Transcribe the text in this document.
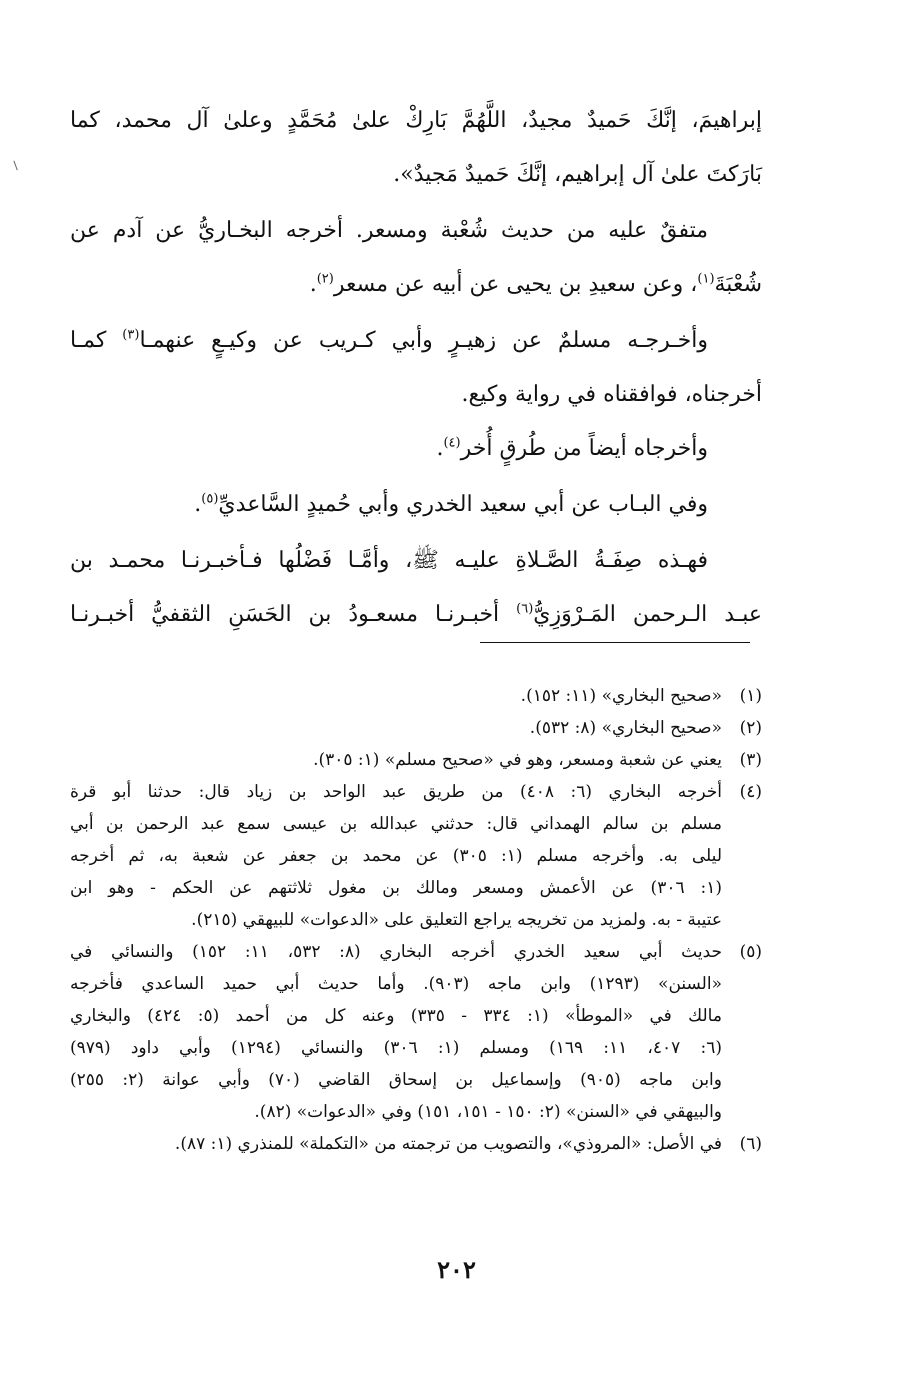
إبراهيمَ، إنَّكَ حَميدٌ مجيدٌ، اللَّهُمَّ بَارِكْ علىٰ مُحَمَّدٍ وعلىٰ آل محمد، كما
بَارَكتَ علىٰ آل إبراهيم، إنَّكَ حَميدٌ مَجيدٌ».
متفقٌ عليه من حديث شُعْبة ومسعر. أخرجه البخـاريُّ عن آدم عن
شُعْبَةَ$^{(١)}$، وعن سعيدِ بن يحيى عن أبيه عن مسعر$^{(٢)}$.
وأخـرجـه مسلمٌ عن زهيـرٍ وأبي كـريب عن وكيـعٍ عنهمـا$^{(٣)}$ كمـا
أخرجناه، فوافقناه في رواية وكيع.
وأخرجاه أيضاً من طُرقٍ أُخر$^{(٤)}$.
وفي البـاب عن أبي سعيد الخدري وأبي حُميدٍ السَّاعديِّ$^{(٥)}$.
فهـذه صِفَـةُ الصَّـلاةِ عليـه ﷺ، وأمَّـا فَضْلُها فـأخبـرنـا محمـد بن
عبـد الـرحمن المَـرْوَزِيُّ$^{(٦)}$ أخبـرنـا مسعـودُ بن الحَسَنِ الثقفيُّ أخبـرنـا
(١)
«صحيح البخاري» (١١: ١٥٢).
(٢)
«صحيح البخاري» (٨: ٥٣٢).
(٣)
يعني عن شعبة ومسعر، وهو في «صحيح مسلم» (١: ٣٠٥).
(٤)
أخرجه البخاري (٦: ٤٠٨) من طريق عبد الواحد بن زياد قال: حدثنا أبو قرة
مسلم بن سالم الهمداني قال: حدثني عبدالله بن عيسى سمع عبد الرحمن بن أبي
ليلى به. وأخرجه مسلم (١: ٣٠٥) عن محمد بن جعفر عن شعبة به، ثم أخرجه
(١: ٣٠٦) عن الأعمش ومسعر ومالك بن مغول ثلاثتهم عن الحكم - وهو ابن
عتيبة - به. ولمزيد من تخريجه يراجع التعليق على «الدعوات» للبيهقي (٢١٥).
(٥)
حديث أبي سعيد الخدري أخرجه البخاري (٨: ٥٣٢، ١١: ١٥٢) والنسائي في
«السنن» (١٢٩٣) وابن ماجه (٩٠٣). وأما حديث أبي حميد الساعدي فأخرجه
مالك في «الموطأ» (١: ٣٣٤ - ٣٣٥) وعنه كل من أحمد (٥: ٤٢٤) والبخاري
(٦: ٤٠٧، ١١: ١٦٩) ومسلم (١: ٣٠٦) والنسائي (١٢٩٤) وأبي داود (٩٧٩)
وابن ماجه (٩٠٥) وإسماعيل بن إسحاق القاضي (٧٠) وأبي عوانة (٢: ٢٥٥)
والبيهقي في «السنن» (٢: ١٥٠ - ١٥١، ١٥١) وفي «الدعوات» (٨٢).
(٦)
في الأصل: «المروذي»، والتصويب من ترجمته من «التكملة» للمنذري (١: ٨٧).
٢٠٢
